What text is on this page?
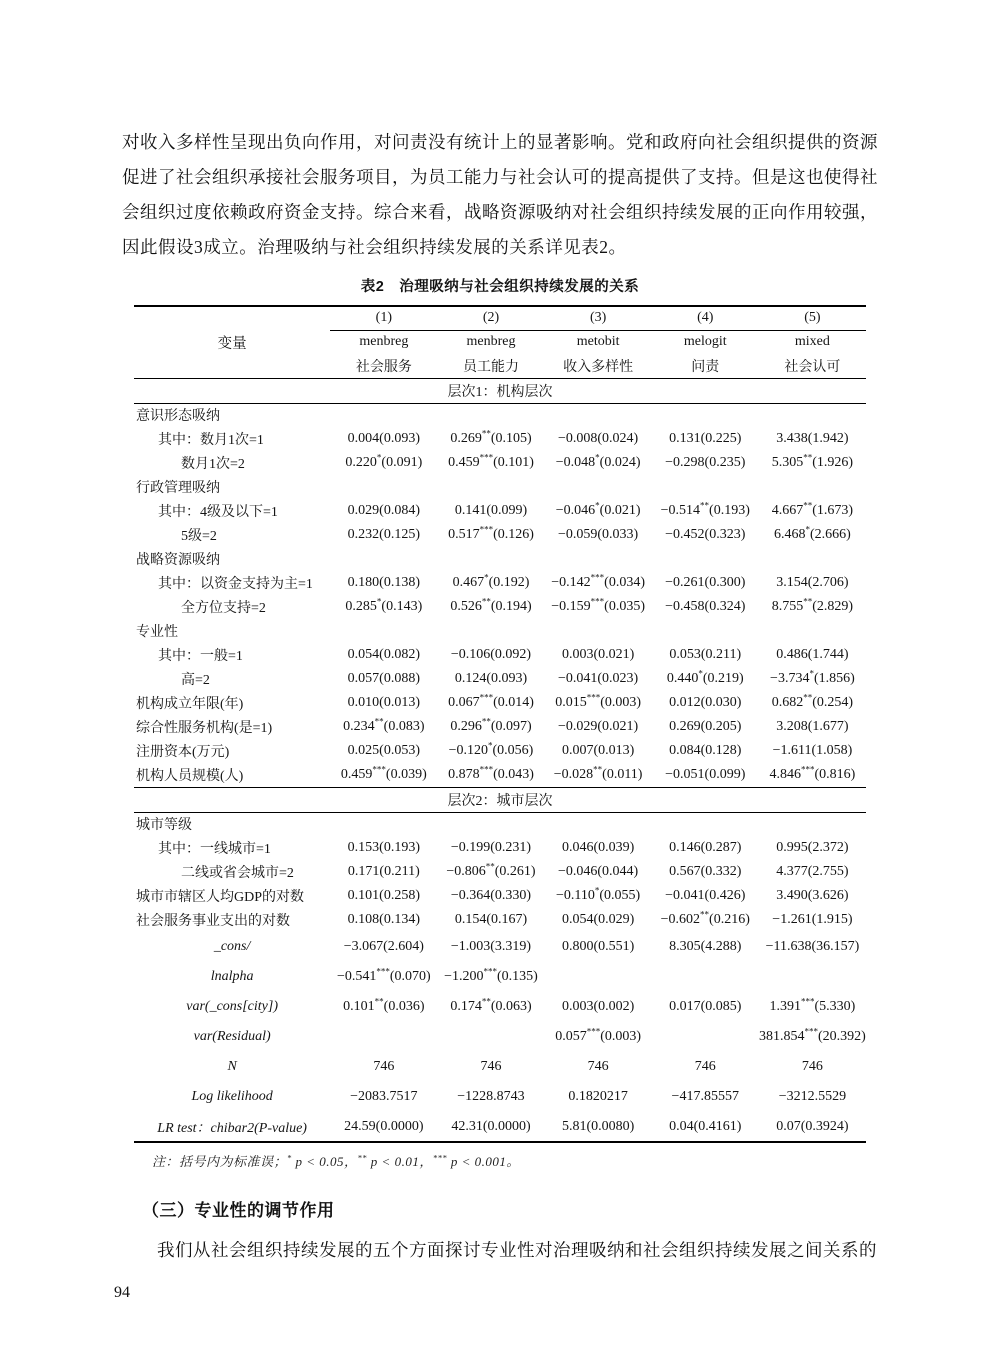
对收入多样性呈现出负向作用，对问责没有统计上的显著影响。党和政府向社会组织提供的资源促进了社会组织承接社会服务项目，为员工能力与社会认可的提高提供了支持。但是这也使得社会组织过度依赖政府资金支持。综合来看，战略资源吸纳对社会组织持续发展的正向作用较强，因此假设3成立。治理吸纳与社会组织持续发展的关系详见表2。

表2　治理吸纳与社会组织持续发展的关系
变量	(1)	(2)	(3)	(4)	(5)
	menbreg	menbreg	metobit	melogit	mixed
	社会服务	员工能力	收入多样性	问责	社会认可
层次1：机构层次					
意识形态吸纳					
其中：数月1次=1	0.004(0.093)	0.269**(0.105)	−0.008(0.024)	0.131(0.225)	3.438(1.942)
数月1次=2	0.220*(0.091)	0.459***(0.101)	−0.048*(0.024)	−0.298(0.235)	5.305**(1.926)
行政管理吸纳					
其中：4级及以下=1	0.029(0.084)	0.141(0.099)	−0.046*(0.021)	−0.514**(0.193)	4.667**(1.673)
5级=2	0.232(0.125)	0.517***(0.126)	−0.059(0.033)	−0.452(0.323)	6.468*(2.666)
战略资源吸纳					
其中：以资金支持为主=1	0.180(0.138)	0.467*(0.192)	−0.142***(0.034)	−0.261(0.300)	3.154(2.706)
全方位支持=2	0.285*(0.143)	0.526**(0.194)	−0.159***(0.035)	−0.458(0.324)	8.755**(2.829)
专业性					
其中：一般=1	0.054(0.082)	−0.106(0.092)	0.003(0.021)	0.053(0.211)	0.486(1.744)
高=2	0.057(0.088)	0.124(0.093)	−0.041(0.023)	0.440*(0.219)	−3.734*(1.856)
机构成立年限(年)	0.010(0.013)	0.067***(0.014)	0.015***(0.003)	0.012(0.030)	0.682**(0.254)
综合性服务机构(是=1)	0.234**(0.083)	0.296**(0.097)	−0.029(0.021)	0.269(0.205)	3.208(1.677)
注册资本(万元)	0.025(0.053)	−0.120*(0.056)	0.007(0.013)	0.084(0.128)	−1.611(1.058)
机构人员规模(人)	0.459***(0.039)	0.878***(0.043)	−0.028**(0.011)	−0.051(0.099)	4.846***(0.816)
层次2：城市层次					
城市等级					
其中：一线城市=1	0.153(0.193)	−0.199(0.231)	0.046(0.039)	0.146(0.287)	0.995(2.372)
二线或省会城市=2	0.171(0.211)	−0.806**(0.261)	−0.046(0.044)	0.567(0.332)	4.377(2.755)
城市市辖区人均GDP的对数	0.101(0.258)	−0.364(0.330)	−0.110*(0.055)	−0.041(0.426)	3.490(3.626)
社会服务事业支出的对数	0.108(0.134)	0.154(0.167)	0.054(0.029)	−0.602**(0.216)	−1.261(1.915)
_cons/	−3.067(2.604)	−1.003(3.319)	0.800(0.551)	8.305(4.288)	−11.638(36.157)
lnalpha	−0.541***(0.070)	−1.200***(0.135)			
var(_cons[city])	0.101**(0.036)	0.174**(0.063)	0.003(0.002)	0.017(0.085)	1.391***(5.330)
var(Residual)			0.057***(0.003)		381.854***(20.392)
N	746	746	746	746	746
Log likelihood	−2083.7517	−1228.8743	0.1820217	−417.85557	−3212.5529
LR test：chibar2(P-value)	24.59(0.0000)	42.31(0.0000)	5.81(0.0080)	0.04(0.4161)	0.07(0.3924)
注：括号内为标准误；* p < 0.05，** p < 0.01，*** p < 0.001。

（三）专业性的调节作用

我们从社会组织持续发展的五个方面探讨专业性对治理吸纳和社会组织持续发展之间关系的

94
